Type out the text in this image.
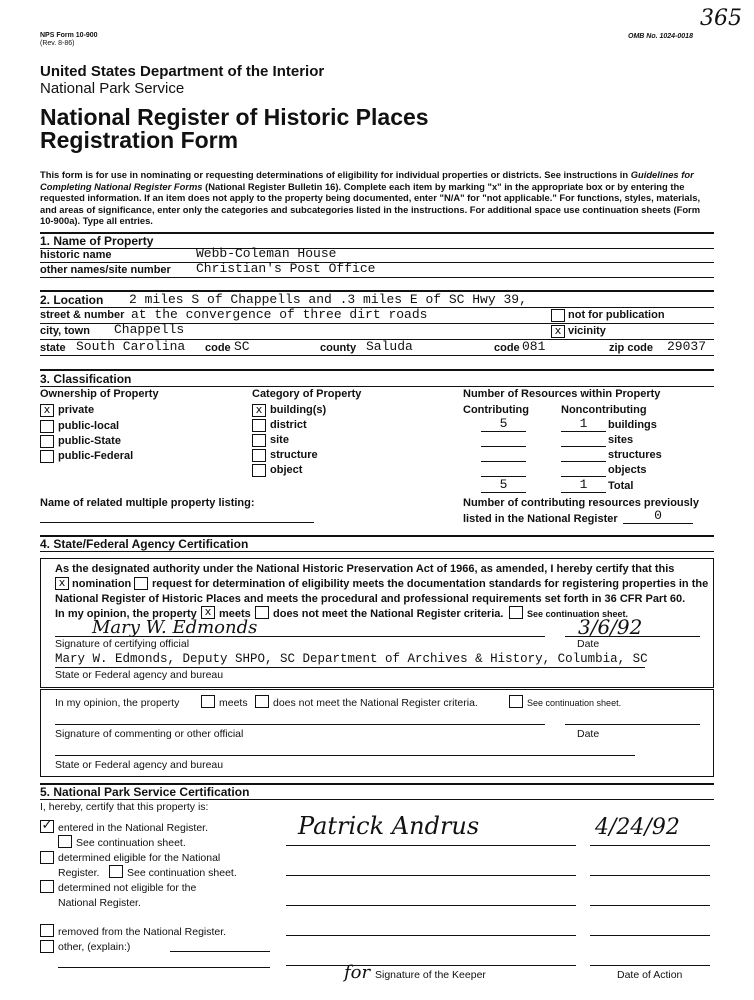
NPS Form 10-900
(Rev. 8-86)
OMB No. 1024-0018
365
United States Department of the Interior
National Park Service
National Register of Historic Places
Registration Form
This form is for use in nominating or requesting determinations of eligibility for individual properties or districts. See instructions in Guidelines for Completing National Register Forms (National Register Bulletin 16). Complete each item by marking "x" in the appropriate box or by entering the requested information. If an item does not apply to the property being documented, enter "N/A" for "not applicable." For functions, styles, materials, and areas of significance, enter only the categories and subcategories listed in the instructions. For additional space use continuation sheets (Form 10-900a). Type all entries.
1. Name of Property
historic name	Webb-Coleman House
other names/site number Christian's Post Office
2. Location 2 miles S of Chappells and .3 miles E of SC Hwy 39,
street & number at the convergence of three dirt roads	not for publication
city, town Chappells	x vicinity
state South Carolina code SC	county Saluda	code 081	zip code 29037
3. Classification
Ownership of Property
x private
public-local
public-State
public-Federal
Category of Property
x building(s)
district
site
structure
object
Number of Resources within Property
Contributing	Noncontributing
5	1	buildings
sites
structures
objects
5	1	Total
Name of related multiple property listing:	Number of contributing resources previously
listed in the National Register	0
4. State/Federal Agency Certification
As the designated authority under the National Historic Preservation Act of 1966, as amended, I hereby certify that this
x nomination request for determination of eligibility meets the documentation standards for registering properties in the
National Register of Historic Places and meets the procedural and professional requirements set forth in 36 CFR Part 60.
In my opinion, the property x meets does not meet the National Register criteria.	See continuation sheet.
Mary W. Edmonds	3/6/92
Signature of certifying official	Date
Mary W. Edmonds, Deputy SHPO, SC Department of Archives & History, Columbia, SC
State or Federal agency and bureau
In my opinion, the property	meets does not meet the National Register criteria.	See continuation sheet.
Signature of commenting or other official	Date
State or Federal agency and bureau
5. National Park Service Certification
I, hereby, certify that this property is:
✓ entered in the National Register.
See continuation sheet.
determined eligible for the National
Register.	See continuation sheet.
determined not eligible for the
National Register.
removed from the National Register.
other, (explain:)
Patrick Andrus	4/24/92
for Signature of the Keeper	Date of Action
